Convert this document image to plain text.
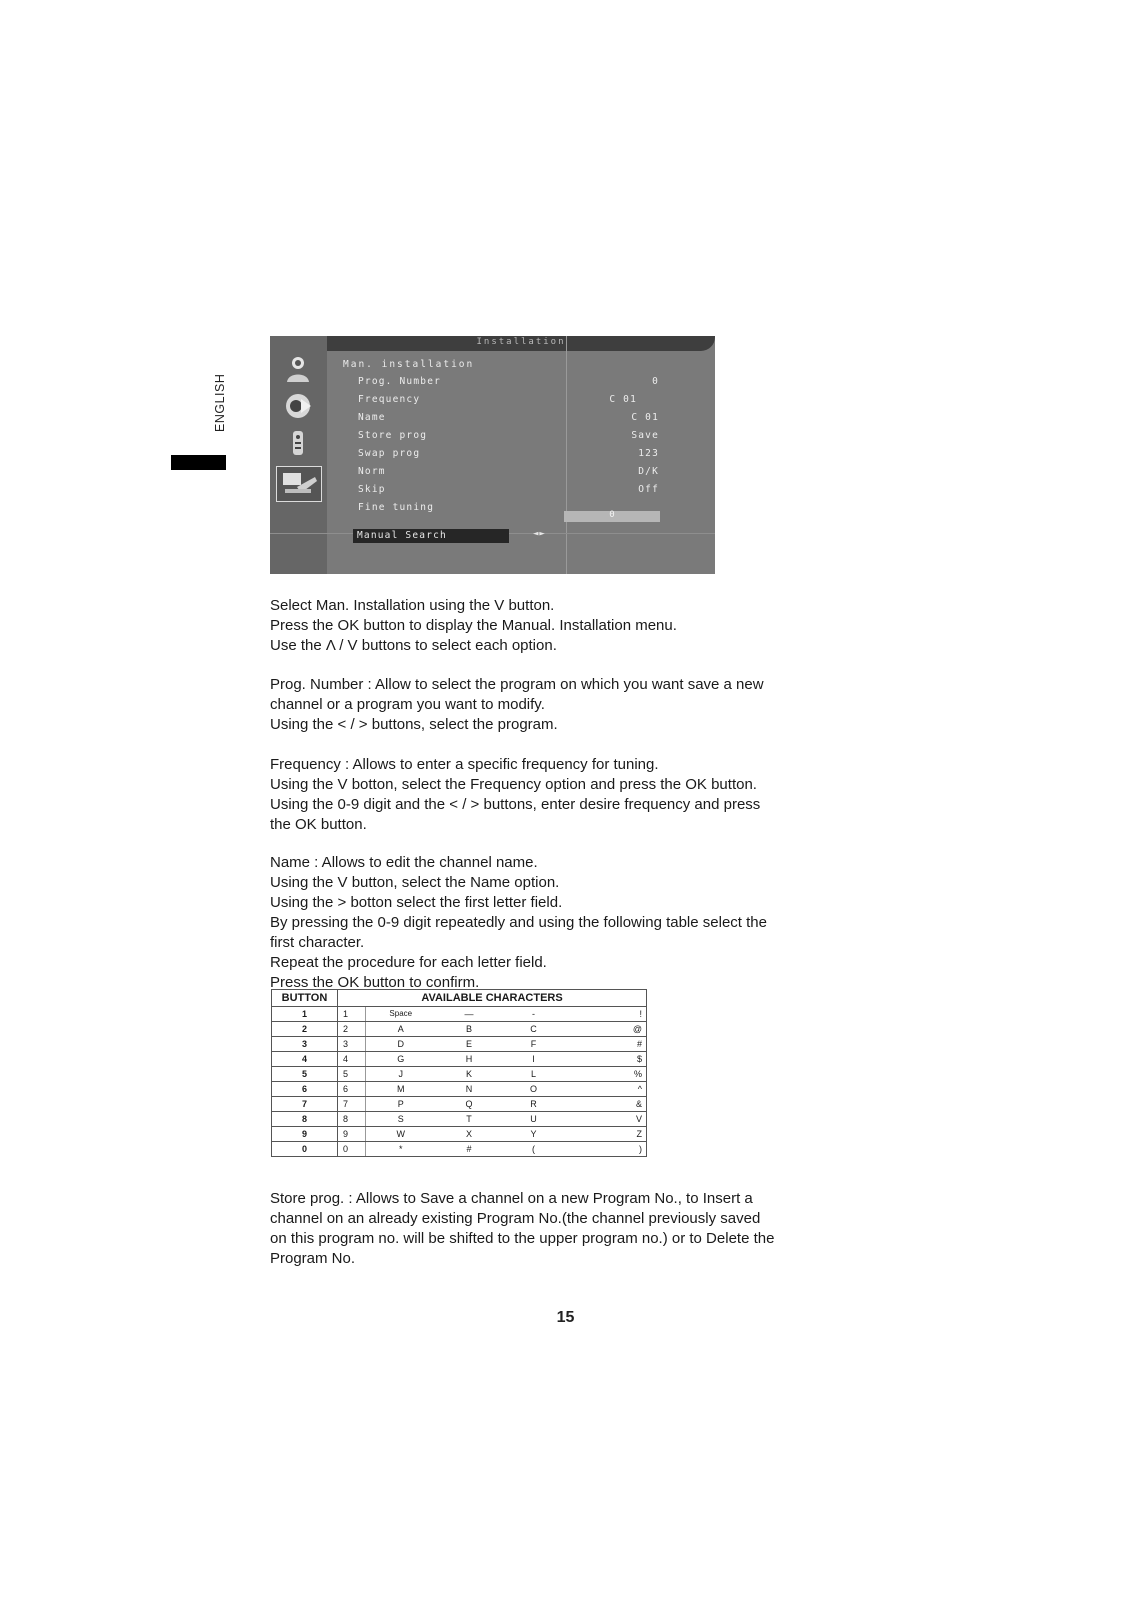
ENGLISH
Installation
Man. installation
Prog. Number	0
Frequency	C 01
Name	C 01
Store prog	Save
Swap prog	123
Norm	D/K
Skip	Off
Fine tuning
0
Manual Search	◄►
Select Man. Installation using the V button.
Press the OK button to display the Manual. Installation menu.
Use the Λ / V buttons to select each option.
Prog. Number : Allow to select the program on which you want save a new
channel or a program you want to modify.
Using the < / > buttons, select the program.
Frequency : Allows to enter a specific frequency for tuning.
Using the V botton, select the Frequency option and press the OK button.
Using the 0-9 digit and the < / > buttons, enter desire frequency and press
the OK button.
Name : Allows to edit the channel name.
Using the V button, select the Name option.
Using the > botton select the first letter field.
By pressing the 0-9 digit repeatedly and using the following table select the
first character.
Repeat the procedure for each letter field.
Press the OK button to confirm.
BUTTON	AVAILABLE CHARACTERS				
1	1	Space	—	-	!
2	2	A	B	C	@
3	3	D	E	F	#
4	4	G	H	I	$
5	5	J	K	L	%
6	6	M	N	O	^
7	7	P	Q	R	&
8	8	S	T	U	V
9	9	W	X	Y	Z
0	0	*	#	(	)
Store prog. : Allows to Save a channel on a new Program No., to Insert a
channel on an already existing Program No.(the channel previously saved
on this program no. will be shifted to the upper program no.) or to Delete the
Program No.
15
